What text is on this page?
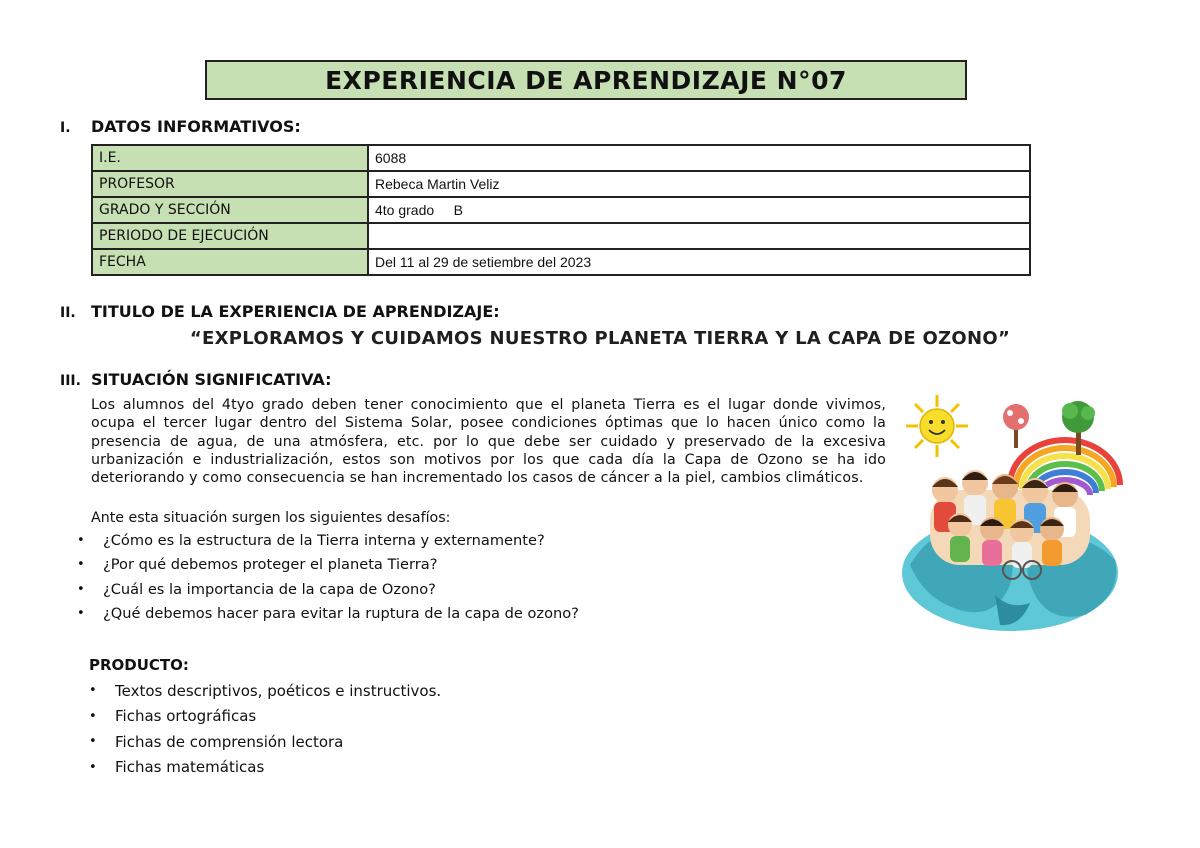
EXPERIENCIA DE APRENDIZAJE N°07
I.	DATOS INFORMATIVOS:
I.E.	6088
PROFESOR	Rebeca Martin Veliz
GRADO Y SECCIÓN	4to grado     B
PERIODO DE EJECUCIÓN	
FECHA	Del 11 al 29 de setiembre del 2023
II. TITULO DE LA EXPERIENCIA DE APRENDIZAJE:
“EXPLORAMOS Y CUIDAMOS NUESTRO PLANETA TIERRA Y LA CAPA DE OZONO”
III. SITUACIÓN SIGNIFICATIVA:
Los alumnos del 4tyo grado deben tener conocimiento que el planeta Tierra es el lugar donde vivimos, ocupa el tercer lugar dentro del Sistema Solar, posee condiciones óptimas que lo hacen único como la presencia de agua, de una atmósfera, etc. por lo que debe ser cuidado y preservado de la excesiva urbanización e industrialización, estos son motivos por los que cada día la Capa de Ozono se ha ido deteriorando y como consecuencia se han incrementado los casos de cáncer a la piel, cambios climáticos.
Ante esta situación surgen los siguientes desafíos:
•	¿Cómo es la estructura de la Tierra interna y externamente?
•	¿Por qué debemos proteger el planeta Tierra?
•	¿Cuál es la importancia de la capa de Ozono?
•	¿Qué debemos hacer para evitar la ruptura de la capa de ozono?
PRODUCTO:
•	Textos descriptivos, poéticos e instructivos.
•	Fichas ortográficas
•	Fichas de comprensión lectora
•	Fichas matemáticas
